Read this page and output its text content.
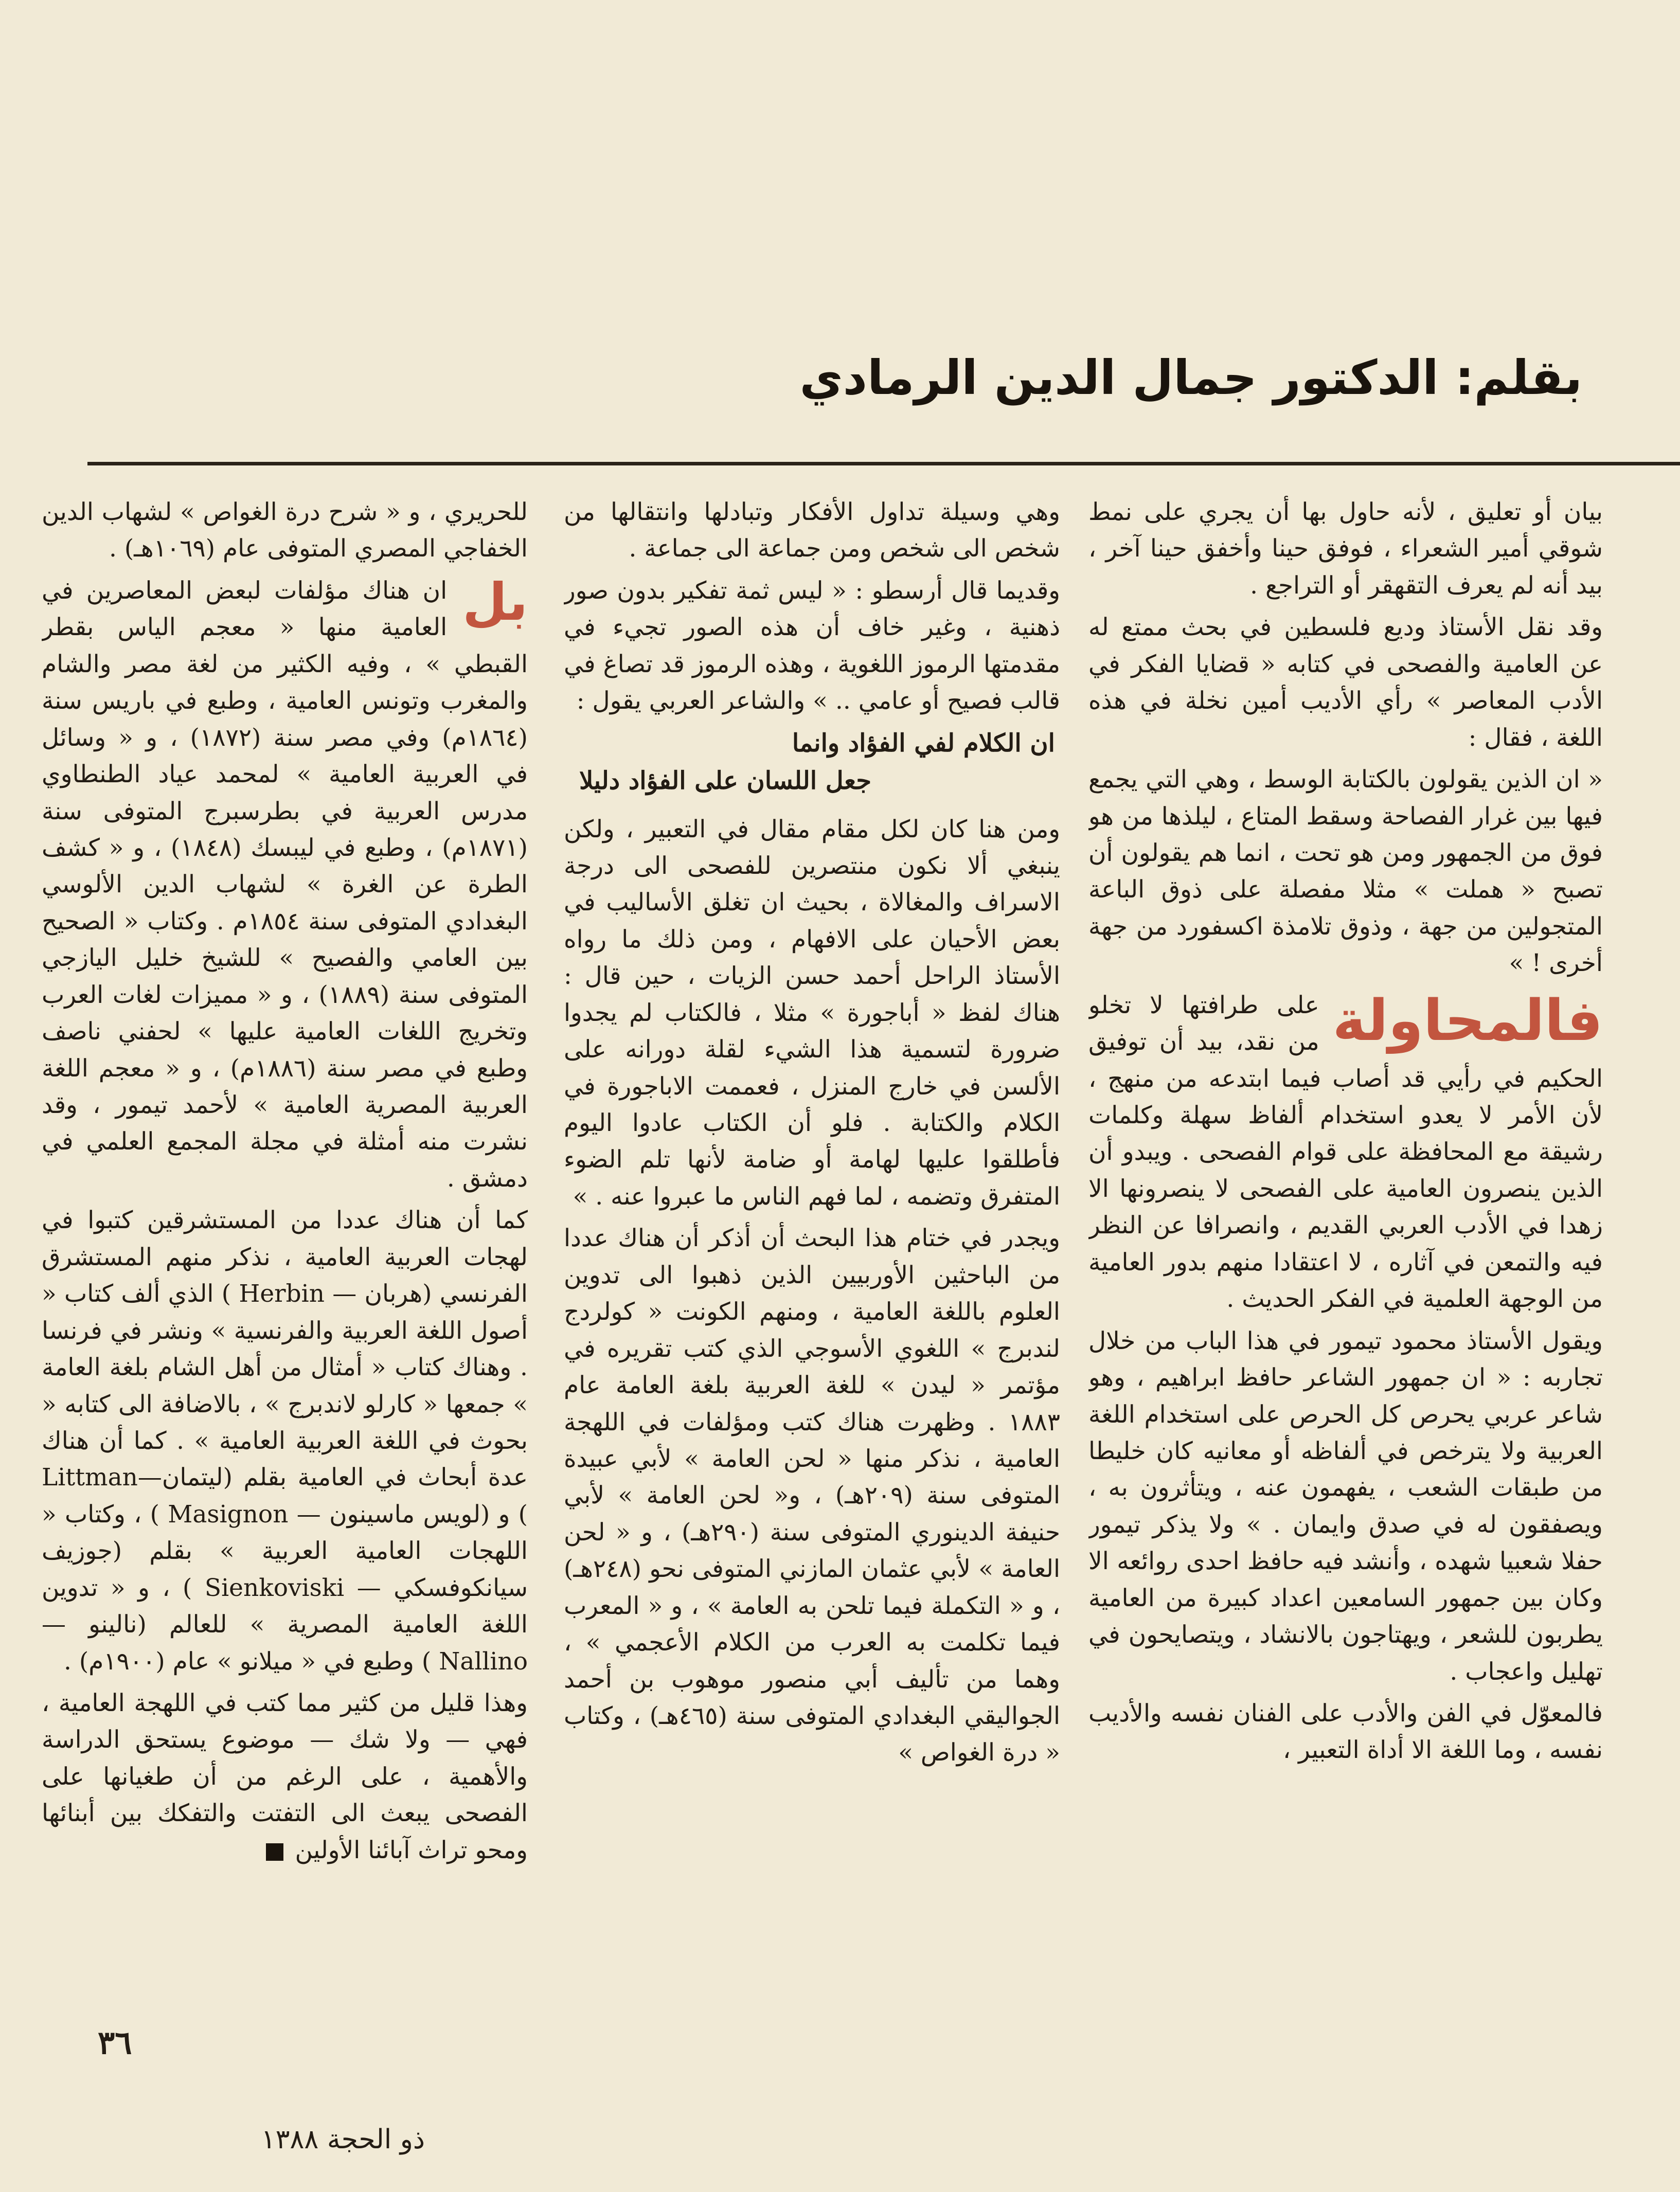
بقلم: الدكتور جمال الدين الرمادي

بيان أو تعليق ، لأنه حاول بها أن يجري على نمط شوقي أمير الشعراء ، فوفق حينا وأخفق حينا آخر ، بيد أنه لم يعرف التقهقر أو التراجع .

وقد نقل الأستاذ وديع فلسطين في بحث ممتع له عن العامية والفصحى في كتابه « قضايا الفكر في الأدب المعاصر » رأي الأديب أمين نخلة في هذه اللغة ، فقال :

« ان الذين يقولون بالكتابة الوسط ، وهي التي يجمع فيها بين غرار الفصاحة وسقط المتاع ، ليلذها من هو فوق من الجمهور ومن هو تحت ، انما هم يقولون أن تصبح « هملت » مثلا مفصلة على ذوق الباعة المتجولين من جهة ، وذوق تلامذة اكسفورد من جهة أخرى ! »

فالمحاولة
على طرافتها لا تخلو من نقد، بيد أن توفيق الحكيم في رأيي قد أصاب فيما ابتدعه من منهج ، لأن الأمر لا يعدو استخدام ألفاظ سهلة وكلمات رشيقة مع المحافظة على قوام الفصحى . ويبدو أن الذين ينصرون العامية على الفصحى لا ينصرونها الا زهدا في الأدب العربي القديم ، وانصرافا عن النظر فيه والتمعن في آثاره ، لا اعتقادا منهم بدور العامية من الوجهة العلمية في الفكر الحديث .

ويقول الأستاذ محمود تيمور في هذا الباب من خلال تجاربه : « ان جمهور الشاعر حافظ ابراهيم ، وهو شاعر عربي يحرص كل الحرص على استخدام اللغة العربية ولا يترخص في ألفاظه أو معانيه كان خليطا من طبقات الشعب ، يفهمون عنه ، ويتأثرون به ، ويصفقون له في صدق وايمان . » ولا يذكر تيمور حفلا شعبيا شهده ، وأنشد فيه حافظ احدى روائعه الا وكان بين جمهور السامعين اعداد كبيرة من العامية يطربون للشعر ، ويهتاجون بالانشاد ، ويتصايحون في تهليل واعجاب .

فالمعوّل في الفن والأدب على الفنان نفسه والأديب نفسه ، وما اللغة الا أداة التعبير ،

وهي وسيلة تداول الأفكار وتبادلها وانتقالها من شخص الى شخص ومن جماعة الى جماعة .

وقديما قال أرسطو : « ليس ثمة تفكير بدون صور ذهنية ، وغير خاف أن هذه الصور تجيء في مقدمتها الرموز اللغوية ، وهذه الرموز قد تصاغ في قالب فصيح أو عامي .. » والشاعر العربي يقول :

ان الكلام لفي الفؤاد وانما
جعل اللسان على الفؤاد دليلا

ومن هنا كان لكل مقام مقال في التعبير ، ولكن ينبغي ألا نكون منتصرين للفصحى الى درجة الاسراف والمغالاة ، بحيث ان تغلق الأساليب في بعض الأحيان على الافهام ، ومن ذلك ما رواه الأستاذ الراحل أحمد حسن الزيات ، حين قال : هناك لفظ « أباجورة » مثلا ، فالكتاب لم يجدوا ضرورة لتسمية هذا الشيء لقلة دورانه على الألسن في خارج المنزل ، فعممت الاباجورة في الكلام والكتابة . فلو أن الكتاب عادوا اليوم فأطلقوا عليها لهامة أو ضامة لأنها تلم الضوء المتفرق وتضمه ، لما فهم الناس ما عبروا عنه . »

ويجدر في ختام هذا البحث أن أذكر أن هناك عددا من الباحثين الأوربيين الذين ذهبوا الى تدوين العلوم باللغة العامية ، ومنهم الكونت « كولردج لندبرج » اللغوي الأسوجي الذي كتب تقريره في مؤتمر « ليدن » للغة العربية بلغة العامة عام ١٨٨٣ . وظهرت هناك كتب ومؤلفات في اللهجة العامية ، نذكر منها « لحن العامة » لأبي عبيدة المتوفى سنة (٢٠٩هـ) ، و« لحن العامة » لأبي حنيفة الدينوري المتوفى سنة (٢٩٠هـ) ، و « لحن العامة » لأبي عثمان المازني المتوفى نحو (٢٤٨هـ) ، و « التكملة فيما تلحن به العامة » ، و « المعرب فيما تكلمت به العرب من الكلام الأعجمي » ، وهما من تأليف أبي منصور موهوب بن أحمد الجواليقي البغدادي المتوفى سنة (٤٦٥هـ) ، وكتاب « درة الغواص »

للحريري ، و « شرح درة الغواص » لشهاب الدين الخفاجي المصري المتوفى عام (١٠٦٩هـ) .

بل
ان هناك مؤلفات لبعض المعاصرين في العامية منها « معجم الياس بقطر القبطي » ، وفيه الكثير من لغة مصر والشام والمغرب وتونس العامية ، وطبع في باريس سنة (١٨٦٤م) وفي مصر سنة (١٨٧٢) ، و « وسائل في العربية العامية » لمحمد عياد الطنطاوي مدرس العربية في بطرسبرج المتوفى سنة (١٨٧١م) ، وطبع في ليبسك (١٨٤٨) ، و « كشف الطرة عن الغرة » لشهاب الدين الألوسي البغدادي المتوفى سنة ١٨٥٤م . وكتاب « الصحيح بين العامي والفصيح » للشيخ خليل اليازجي المتوفى سنة (١٨٨٩) ، و « مميزات لغات العرب وتخريج اللغات العامية عليها » لحفني ناصف وطبع في مصر سنة (١٨٨٦م) ، و « معجم اللغة العربية المصرية العامية » لأحمد تيمور ، وقد نشرت منه أمثلة في مجلة المجمع العلمي في دمشق .

كما أن هناك عددا من المستشرقين كتبوا في لهجات العربية العامية ، نذكر منهم المستشرق الفرنسي (هربان — Herbin ) الذي ألف كتاب « أصول اللغة العربية والفرنسية » ونشر في فرنسا . وهناك كتاب « أمثال من أهل الشام بلغة العامة » جمعها « كارلو لاندبرج » ، بالاضافة الى كتابه « بحوث في اللغة العربية العامية » . كما أن هناك عدة أبحاث في العامية بقلم (ليتمان—Littman ) و (لويس ماسينون — Masignon ) ، وكتاب « اللهجات العامية العربية » بقلم (جوزيف سيانكوفسكي — Sienkoviski ) ، و « تدوين اللغة العامية المصرية » للعالم (نالينو — Nallino ) وطبع في « ميلانو » عام (١٩٠٠م) .

وهذا قليل من كثير مما كتب في اللهجة العامية ، فهي — ولا شك — موضوع يستحق الدراسة والأهمية ، على الرغم من أن طغيانها على الفصحى يبعث الى التفتت والتفكك بين أبنائها ومحو تراث آبائنا الأولين

٣٦
ذو الحجة ١٣٨٨
